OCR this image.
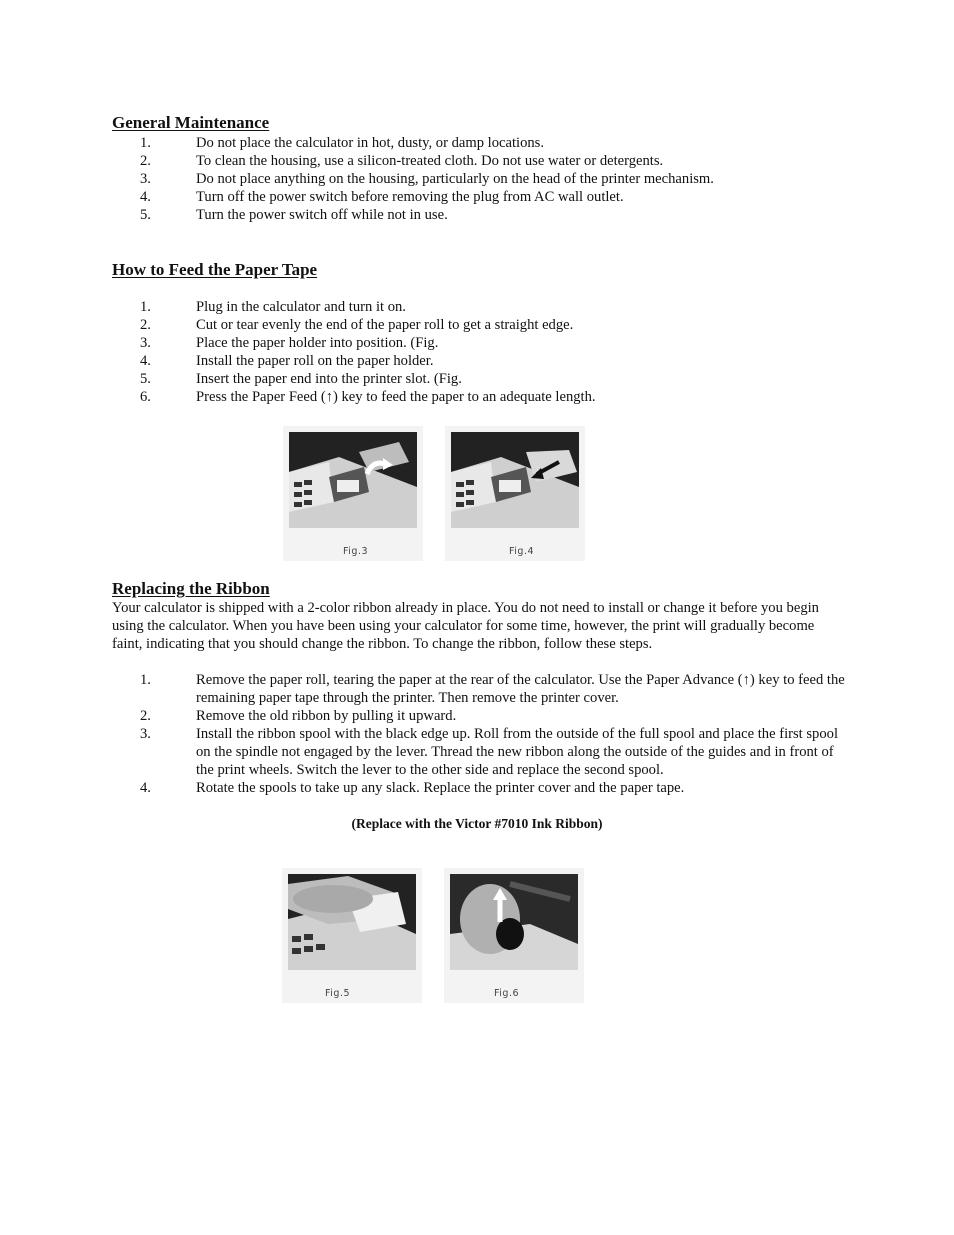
General Maintenance
1.	Do not place the calculator in hot, dusty, or damp locations.
2.	To clean the housing, use a silicon-treated cloth. Do not use water or detergents.
3.	Do not place anything on the housing, particularly on the head of the printer mechanism.
4.	Turn off the power switch before removing the plug from AC wall outlet.
5.	Turn the power switch off while not in use.
How to Feed the Paper Tape
1.	Plug in the calculator and turn it on.
2.	Cut or tear evenly the end of the paper roll to get a straight edge.
3.	Place the paper holder into position. (Fig.
4.	Install the paper roll on the paper holder.
5.	Insert the paper end into the printer slot. (Fig.
6.	Press the Paper Feed (↑) key to feed the paper to an adequate length.
Fig.3	Fig.4
Replacing the Ribbon
Your calculator is shipped with a 2-color ribbon already in place. You do not need to install or change it before you begin using the calculator. When you have been using your calculator for some time, however, the print will gradually become faint, indicating that you should change the ribbon. To change the ribbon, follow these steps.
1.	Remove the paper roll, tearing the paper at the rear of the calculator. Use the Paper Advance (↑) key to feed the remaining paper tape through the printer. Then remove the printer cover.
2.	Remove the old ribbon by pulling it upward.
3.	Install the ribbon spool with the black edge up. Roll from the outside of the full spool and place the first spool on the spindle not engaged by the lever. Thread the new ribbon along the outside of the guides and in front of the print wheels. Switch the lever to the other side and replace the second spool.
4.	Rotate the spools to take up any slack. Replace the printer cover and the paper tape.
(Replace with the Victor #7010 Ink Ribbon)
Fig.5	Fig.6
